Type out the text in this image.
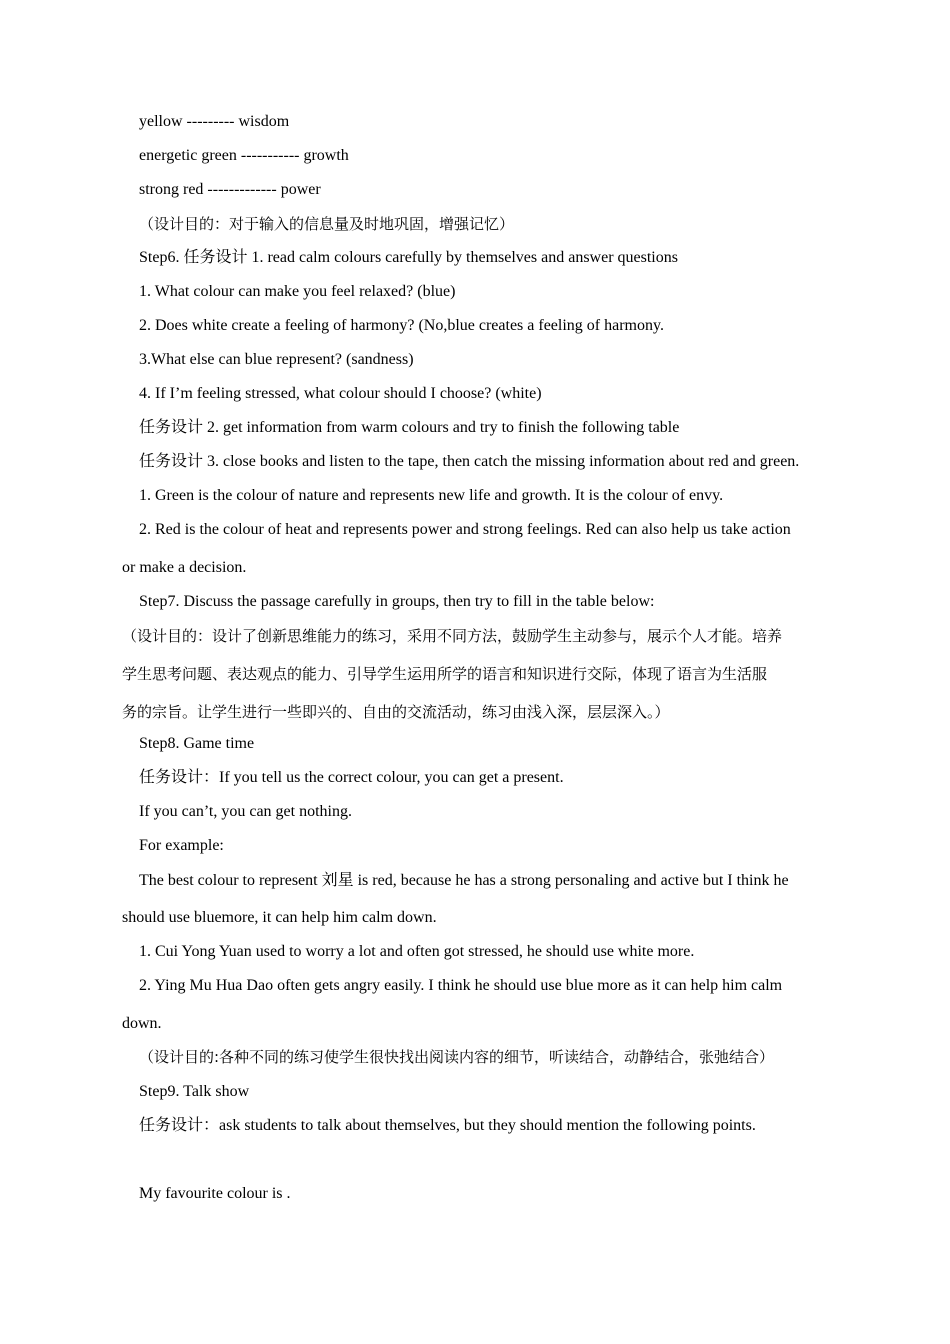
yellow --------- wisdom
energetic green ----------- growth
strong red ------------- power
（设计目的：对于输入的信息量及时地巩固，增强记忆）
Step6. 任务设计 1. read calm colours carefully by themselves and answer questions
1. What colour can make you feel relaxed? (blue)
2. Does white create a feeling of harmony? (No,blue creates a feeling of harmony.
3.What else can blue represent? (sandness)
4. If I’m feeling stressed, what colour should I choose? (white)
任务设计 2. get information from warm colours and try to finish the following table
任务设计 3. close books and listen to the tape, then catch the missing information about red and green.
1. Green is the colour of nature and represents new life and growth. It is the colour of envy.
2. Red is the colour of heat and represents power and strong feelings. Red can also help us take action
or make a decision.
Step7. Discuss the passage carefully in groups, then try to fill in the table below:
（设计目的：设计了创新思维能力的练习，采用不同方法，鼓励学生主动参与，展示个人才能。培养
学生思考问题、表达观点的能力、引导学生运用所学的语言和知识进行交际，体现了语言为生活服
务的宗旨。让学生进行一些即兴的、自由的交流活动，练习由浅入深，层层深入。）
Step8. Game time
任务设计：If you tell us the correct colour, you can get a present.
If you can’t, you can get nothing.
For example:
The best colour to represent 刘星 is red, because he has a strong personaling and active but I think he
should use bluemore, it can help him calm down.
1. Cui Yong Yuan used to worry a lot and often got stressed, he should use white more.
2. Ying Mu Hua Dao often gets angry easily. I think he should use blue more as it can help him calm
down.
（设计目的:各种不同的练习使学生很快找出阅读内容的细节，听读结合，动静结合，张弛结合）
Step9. Talk show
任务设计：ask students to talk about themselves, but they should mention the following points.
My favourite colour is .
